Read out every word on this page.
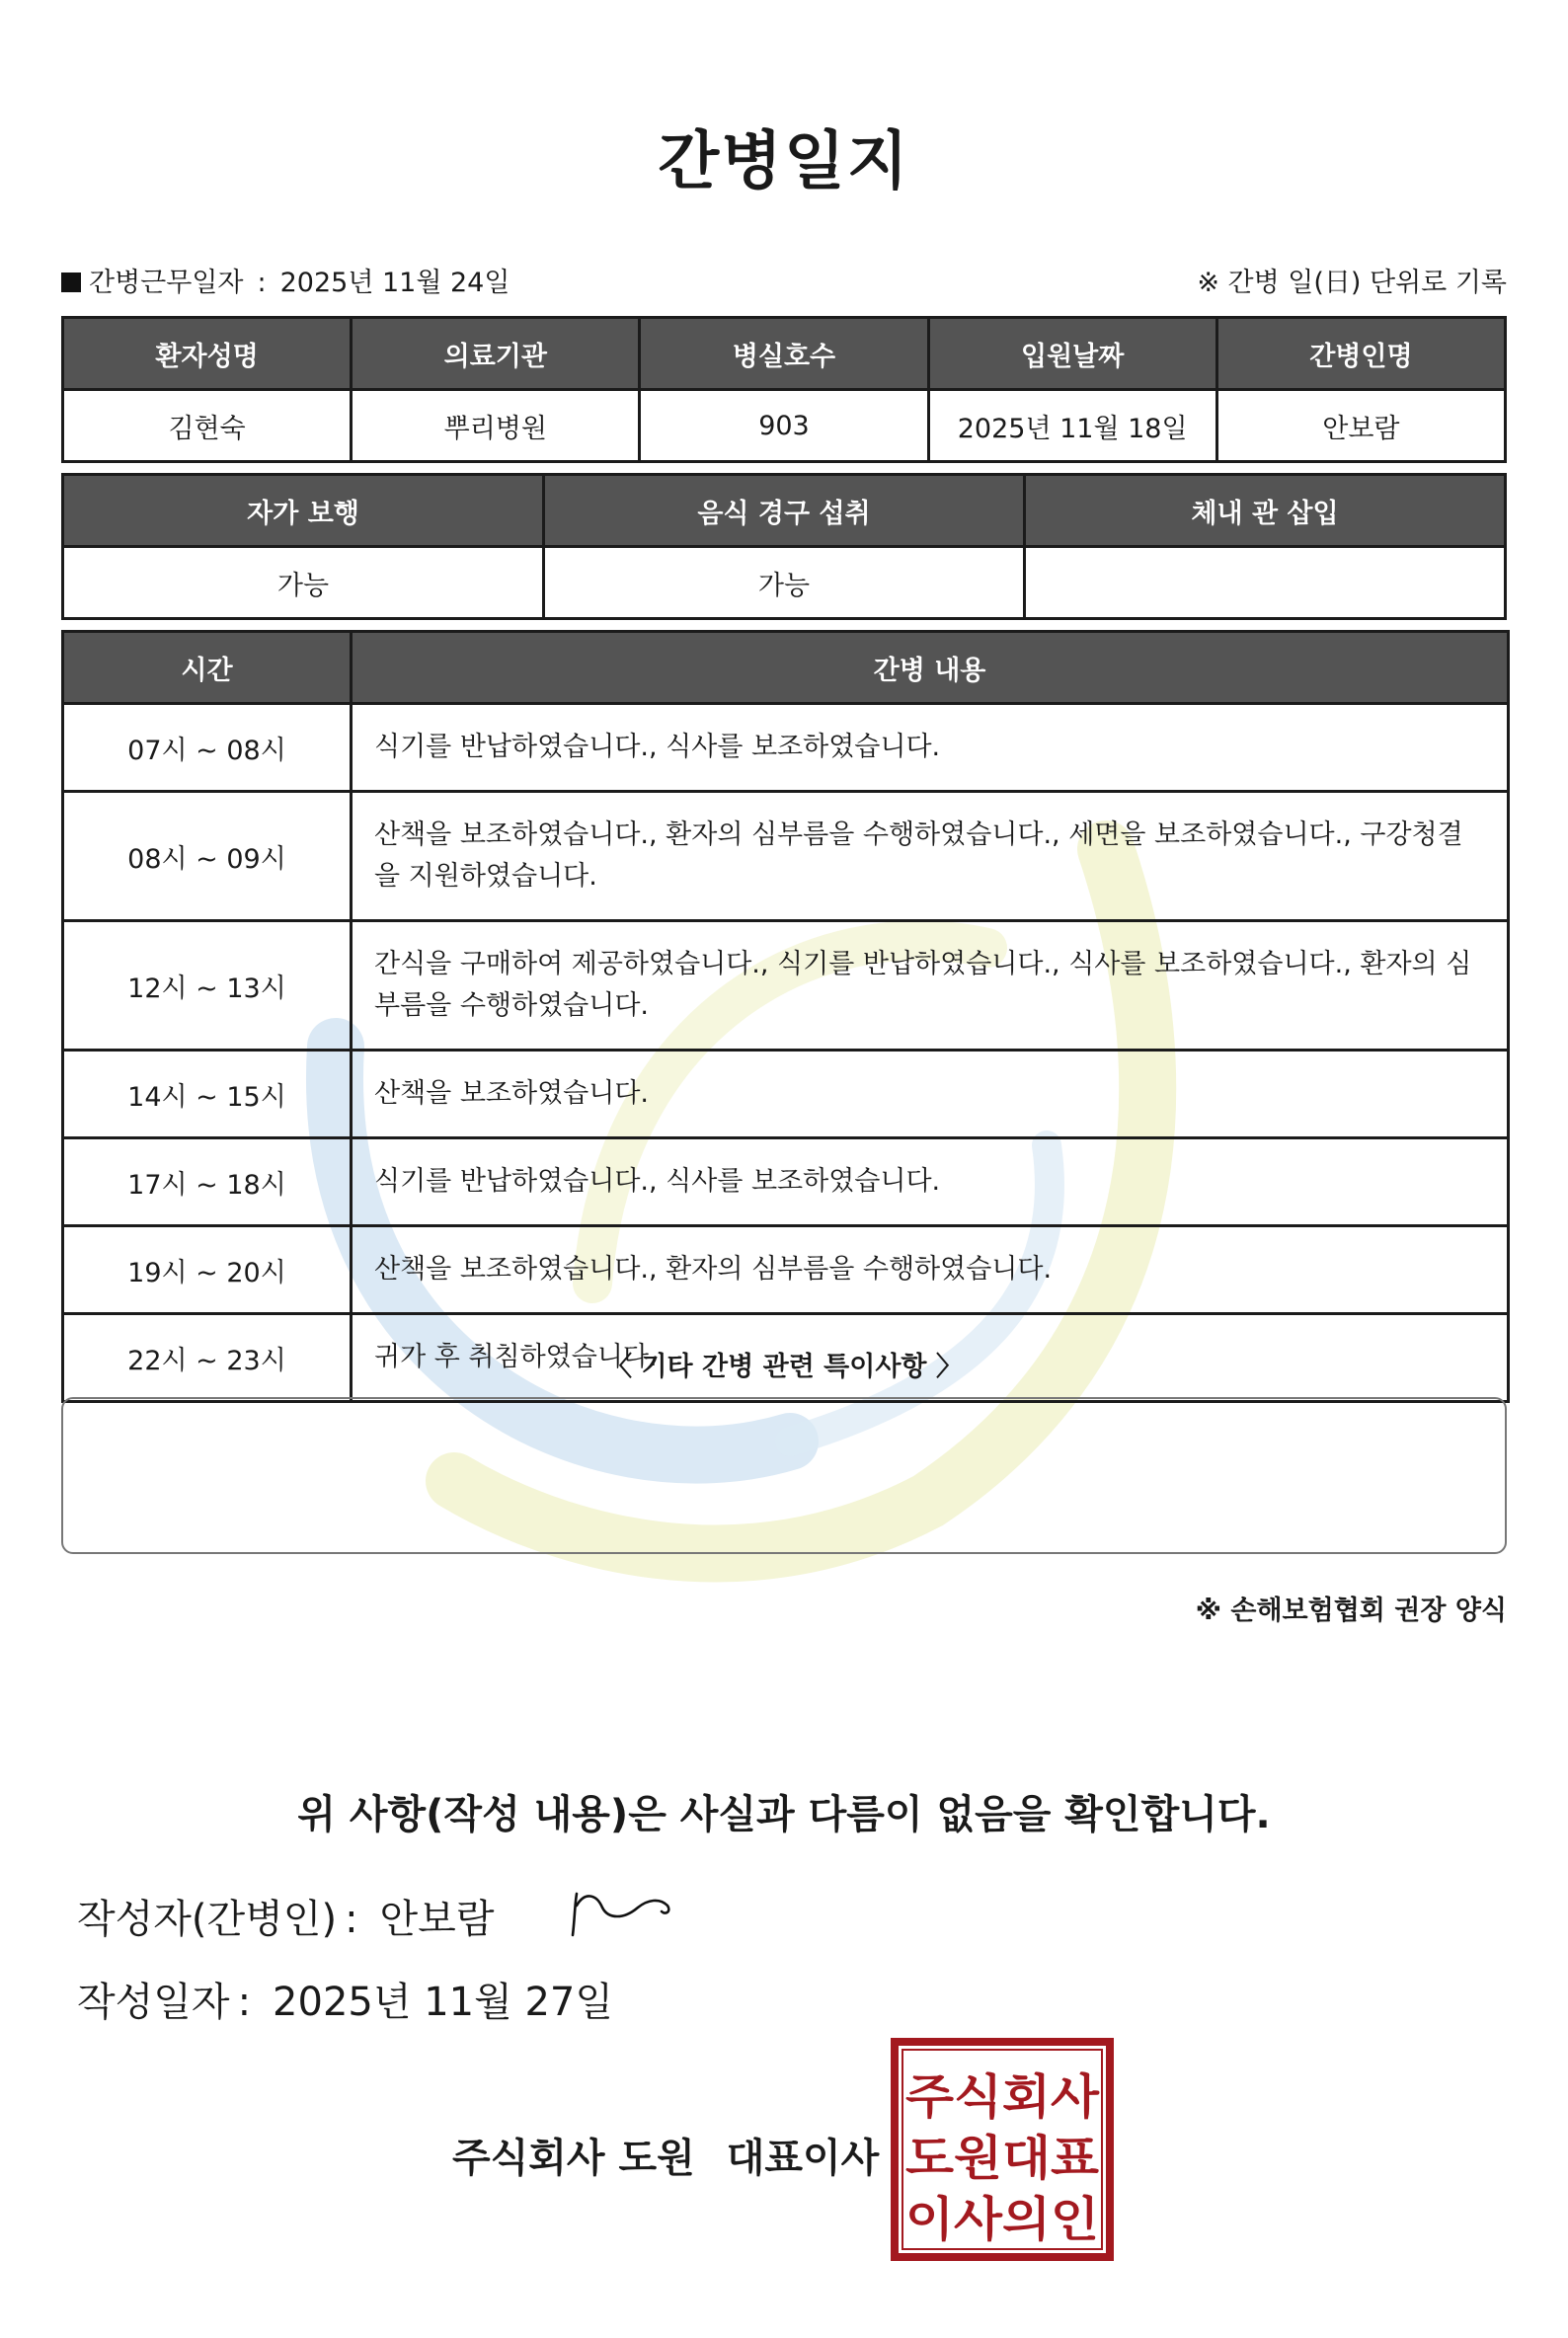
간병일지
간병근무일자 : 2025년 11월 24일	※ 간병 일(日) 단위로 기록
환자성명	의료기관	병실호수	입원날짜	간병인명
김현숙	뿌리병원	903	2025년 11월 18일	안보람
자가 보행	음식 경구 섭취	체내 관 삽입
가능	가능	
시간	간병 내용
07시 ~ 08시	식기를 반납하였습니다., 식사를 보조하였습니다.
08시 ~ 09시	산책을 보조하였습니다., 환자의 심부름을 수행하였습니다., 세면을 보조하였습니다., 구강청결을 지원하였습니다.
12시 ~ 13시	간식을 구매하여 제공하였습니다., 식기를 반납하였습니다., 식사를 보조하였습니다., 환자의 심부름을 수행하였습니다.
14시 ~ 15시	산책을 보조하였습니다.
17시 ~ 18시	식기를 반납하였습니다., 식사를 보조하였습니다.
19시 ~ 20시	산책을 보조하였습니다., 환자의 심부름을 수행하였습니다.
22시 ~ 23시	귀가 후 취침하였습니다.
〈 기타 간병 관련 특이사항 〉
※ 손해보험협회 권장 양식
위 사항(작성 내용)은 사실과 다름이 없음을 확인합니다.
작성자(간병인) : 안보람
작성일자 : 2025년 11월 27일
주식회사 도원 대표이사
주식회사
도원대표
이사의인
